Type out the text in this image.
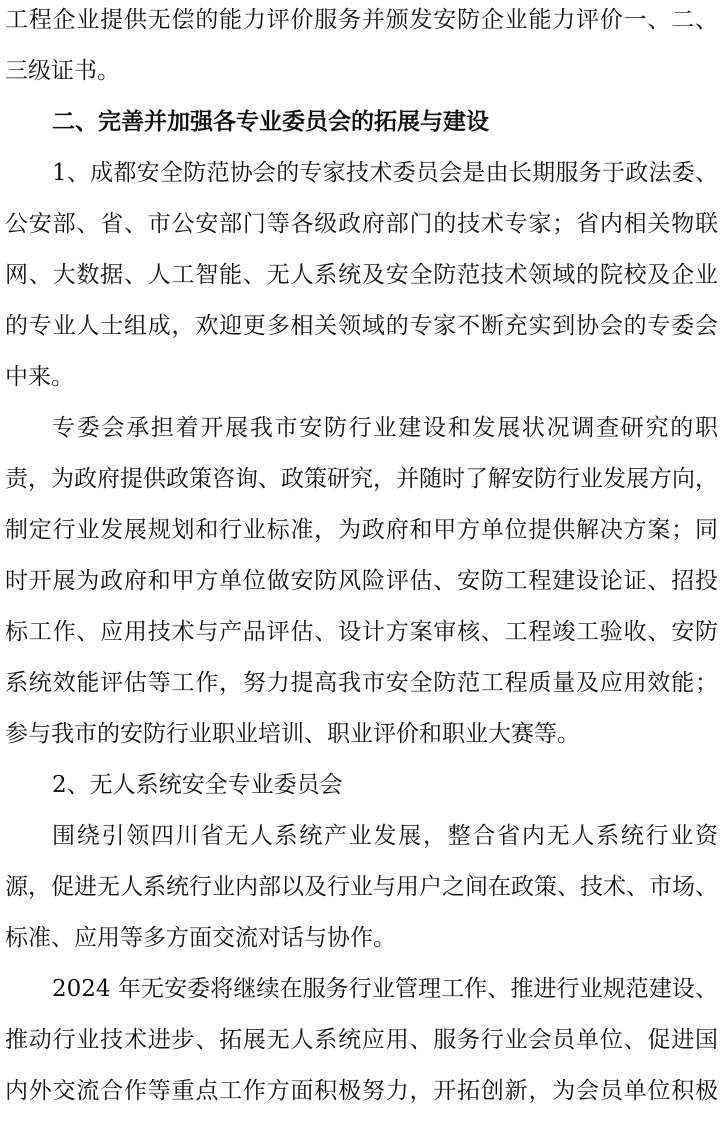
工程企业提供无偿的能力评价服务并颁发安防企业能力评价一、二、
三级证书。
二、完善并加强各专业委员会的拓展与建设
1、成都安全防范协会的专家技术委员会是由长期服务于政法委、
公安部、省、市公安部门等各级政府部门的技术专家；省内相关物联
网、大数据、人工智能、无人系统及安全防范技术领域的院校及企业
的专业人士组成，欢迎更多相关领域的专家不断充实到协会的专委会
中来。
专委会承担着开展我市安防行业建设和发展状况调查研究的职
责，为政府提供政策咨询、政策研究，并随时了解安防行业发展方向，
制定行业发展规划和行业标准，为政府和甲方单位提供解决方案；同
时开展为政府和甲方单位做安防风险评估、安防工程建设论证、招投
标工作、应用技术与产品评估、设计方案审核、工程竣工验收、安防
系统效能评估等工作，努力提高我市安全防范工程质量及应用效能；
参与我市的安防行业职业培训、职业评价和职业大赛等。
2、无人系统安全专业委员会
围绕引领四川省无人系统产业发展，整合省内无人系统行业资
源，促进无人系统行业内部以及行业与用户之间在政策、技术、市场、
标准、应用等多方面交流对话与协作。
2024 年无安委将继续在服务行业管理工作、推进行业规范建设、
推动行业技术进步、拓展无人系统应用、服务行业会员单位、促进国
内外交流合作等重点工作方面积极努力，开拓创新，为会员单位积极
